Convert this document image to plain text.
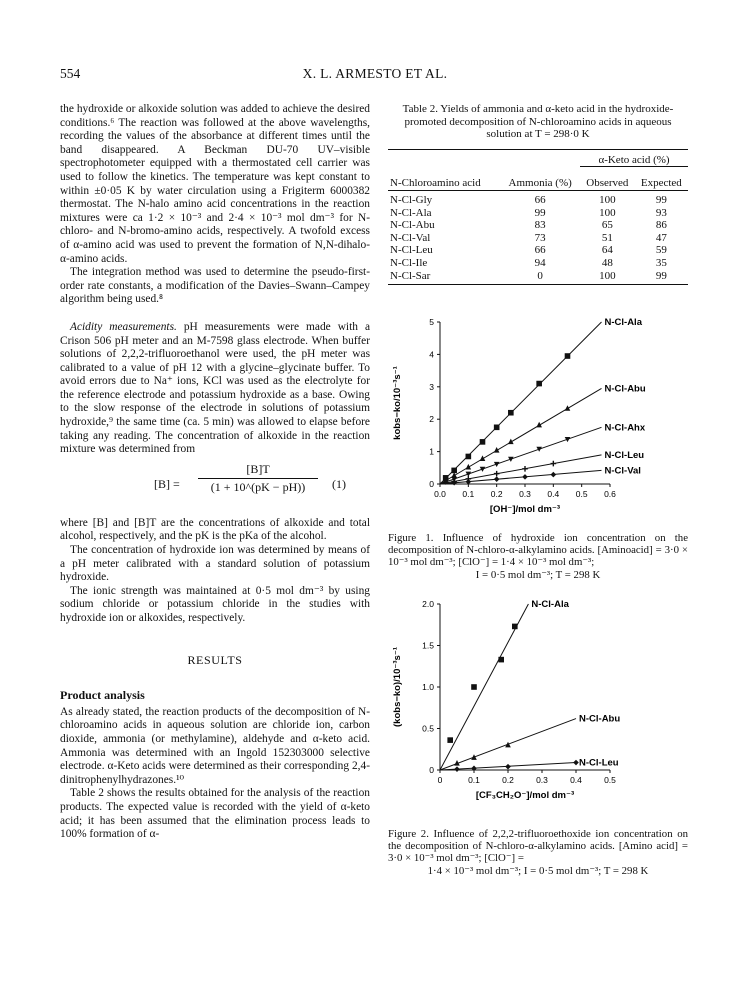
554	X. L. ARMESTO ET AL.

the hydroxide or alkoxide solution was added to achieve the desired conditions.⁶ The reaction was followed at the above wavelengths, recording the values of the absorbance at different times until the band disappeared. A Beckman DU-70 UV–visible spectrophotometer equipped with a thermostated cell carrier was used to follow the kinetics. The temperature was kept constant to within ±0·05 K by water circulation using a Frigiterm 6000382 thermostat. The N-halo amino acid concentrations in the reaction mixtures were ca 1·2 × 10⁻³ and 2·4 × 10⁻³ mol dm⁻³ for N-chloro- and N-bromo-amino acids, respectively. A twofold excess of α-amino acid was used to prevent the formation of N,N-dihalo-α-amino acids.

The integration method was used to determine the pseudo-first-order rate constants, a modification of the Davies–Swann–Campey algorithm being used.⁸

Acidity measurements. pH measurements were made with a Crison 506 pH meter and an M-7598 glass electrode. When buffer solutions of 2,2,2-trifluoroethanol were used, the pH meter was calibrated to a value of pH 12 with a glycine–glycinate buffer. To avoid errors due to Na⁺ ions, KCl was used as the electrolyte for the reference electrode and potassium hydroxide as a base. Owing to the slow response of the electrode in solutions of potassium hydroxide,⁹ the same time (ca. 5 min) was allowed to elapse before taking any reading. The concentration of alkoxide in the reaction mixture was determined from

$[B] = \frac{[B]T}{(1 + 10\^{}(pK - pH))} (1)$

where [B] and [B]T are the concentrations of alkoxide and total alcohol, respectively, and the pK is the pKa of the alcohol.

The concentration of hydroxide ion was determined by means of a pH meter calibrated with a standard solution of potassium hydroxide.

The ionic strength was maintained at 0·5 mol dm⁻³ by using sodium chloride or potassium chloride in the studies with hydroxide ion or alkoxides, respectively.

RESULTS
Product analysis

As already stated, the reaction products of the decomposition of N-chloroamino acids in aqueous solution are chloride ion, carbon dioxide, ammonia (or methylamine), aldehyde and α-keto acid. Ammonia was determined with an Ingold 152303000 selective electrode. α-Keto acids were determined as their corresponding 2,4-dinitrophenylhydrazones.¹⁰

Table 2 shows the results obtained for the analysis of the reaction products. The expected value is recorded with the yield of α-keto acid; it has been assumed that the elimination process leads to 100% formation of α-

Table 2. Yields of ammonia and α-keto acid in the hydroxide-promoted decomposition of N-chloroamino acids in aqueous solution at T = 298·0 K

		α-Keto acid (%)	

N-Chloroamino acid	Ammonia (%)	Observed	Expected

N-Cl-Gly	66	100	99
N-Cl-Ala	99	100	93
N-Cl-Abu	83	65	86
N-Cl-Val	73	51	47
N-Cl-Leu	66	64	59
N-Cl-Ile	94	48	35
N-Cl-Sar	0	100	99

0.0 0.1 0.2 0.3 0.4 0.5 0.6
0
1
2
3
4
5
[OH⁻]/mol dm⁻³
kobs−ko/10⁻³s⁻¹
N-Cl-Ala
N-Cl-Abu
N-Cl-Ahx
N-Cl-Leu
N-Cl-Val
Figure 1. Influence of hydroxide ion concentration on the decomposition of N-chloro-α-alkylamino acids. [Aminoacid] = 3·0 × 10⁻³ mol dm⁻³; [ClO⁻] = 1·4 × 10⁻³ mol dm⁻³;
I = 0·5 mol dm⁻³; T = 298 K
0	0.1	0.2	0.3	0.4	0.5
0
0.5
1.0
1.5
2.0
[CF₃CH₂O⁻]/mol dm⁻³
(kobs−ko)/10⁻³s⁻¹
N-Cl-Ala
N-Cl-Abu
N-Cl-Leu
Figure 2. Influence of 2,2,2-trifluoroethoxide ion concentration on the decomposition of N-chloro-α-alkylamino acids. [Amino acid] = 3·0 × 10⁻³ mol dm⁻³; [ClO⁻] =
1·4 × 10⁻³ mol dm⁻³; I = 0·5 mol dm⁻³; T = 298 K
